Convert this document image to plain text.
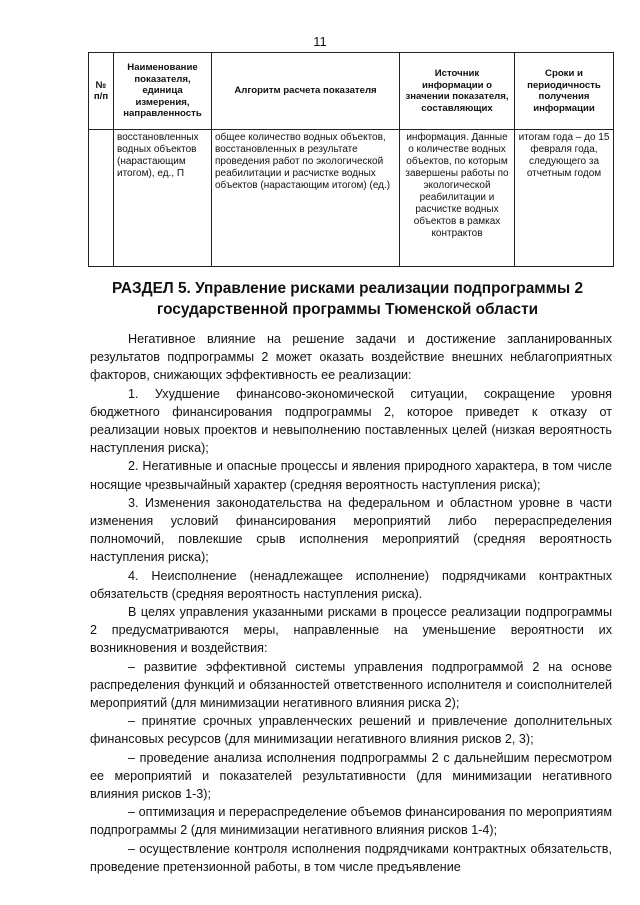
11
№ п/п	Наименование показателя, единица измерения, направленность	Алгоритм расчета показателя	Источник информации о значении показателя, составляющих	Сроки и периодичность получения информации
	восстановленных водных объектов (нарастающим итогом), ед., П	общее количество водных объектов, восстановленных в результате проведения работ по экологической реабилитации и расчистке водных объектов (нарастающим итогом) (ед.)	информация. Данные о количестве водных объектов, по которым завершены работы по экологической реабилитации и расчистке водных объектов в рамках контрактов	итогам года – до 15 февраля года, следующего за отчетным годом
РАЗДЕЛ 5. Управление рисками реализации подпрограммы 2
государственной программы Тюменской области

Негативное влияние на решение задачи и достижение запланированных результатов подпрограммы 2 может оказать воздействие внешних неблагоприятных факторов, снижающих эффективность ее реализации:

1. Ухудшение финансово-экономической ситуации, сокращение уровня бюджетного финансирования подпрограммы 2, которое приведет к отказу от реализации новых проектов и невыполнению поставленных целей (низкая вероятность наступления риска);

2. Негативные и опасные процессы и явления природного характера, в том числе носящие чрезвычайный характер (средняя вероятность наступления риска);

3. Изменения законодательства на федеральном и областном уровне в части изменения условий финансирования мероприятий либо перераспределения полномочий, повлекшие срыв исполнения мероприятий (средняя вероятность наступления риска);

4. Неисполнение (ненадлежащее исполнение) подрядчиками контрактных обязательств (средняя вероятность наступления риска).

В целях управления указанными рисками в процессе реализации подпрограммы 2 предусматриваются меры, направленные на уменьшение вероятности их возникновения и воздействия:

– развитие эффективной системы управления подпрограммой 2 на основе распределения функций и обязанностей ответственного исполнителя и соисполнителей мероприятий (для минимизации негативного влияния риска 2);

– принятие срочных управленческих решений и привлечение дополнительных финансовых ресурсов (для минимизации негативного влияния рисков 2, 3);

– проведение анализа исполнения подпрограммы 2 с дальнейшим пересмотром ее мероприятий и показателей результативности (для минимизации негативного влияния рисков 1-3);

– оптимизация и перераспределение объемов финансирования по мероприятиям подпрограммы 2 (для минимизации негативного влияния рисков 1-4);

– осуществление контроля исполнения подрядчиками контрактных обязательств, проведение претензионной работы, в том числе предъявление
